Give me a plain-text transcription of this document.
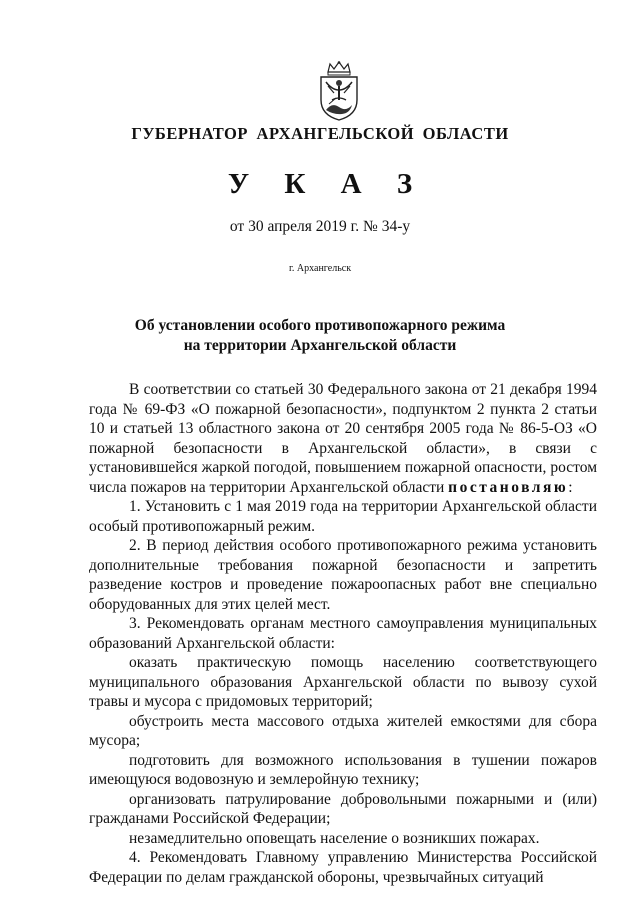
ГУБЕРНАТОР АРХАНГЕЛЬСКОЙ ОБЛАСТИ
У К А З
от 30 апреля 2019 г. № 34-у
г. Архангельск
Об установлении особого противопожарного режима
на территории Архангельской области

В соответствии со статьей 30 Федерального закона от 21 декабря 1994 года № 69-ФЗ «О пожарной безопасности», подпунктом 2 пункта 2 статьи 10 и статьей 13 областного закона от 20 сентября 2005 года № 86-5-ОЗ «О пожарной безопасности в Архангельской области», в связи с установившейся жаркой погодой, повышением пожарной опасности, ростом числа пожаров на территории Архангельской области постановляю:

1. Установить с 1 мая 2019 года на территории Архангельской области особый противопожарный режим.

2. В период действия особого противопожарного режима установить дополнительные требования пожарной безопасности и запретить разведение костров и проведение пожароопасных работ вне специально оборудованных для этих целей мест.

3. Рекомендовать органам местного самоуправления муниципальных образований Архангельской области:

оказать практическую помощь населению соответствующего муниципального образования Архангельской области по вывозу сухой травы и мусора с придомовых территорий;

обустроить места массового отдыха жителей емкостями для сбора мусора;

подготовить для возможного использования в тушении пожаров имеющуюся водовозную и землеройную технику;

организовать патрулирование добровольными пожарными и (или) гражданами Российской Федерации;

незамедлительно оповещать население о возникших пожарах.

4. Рекомендовать Главному управлению Министерства Российской Федерации по делам гражданской обороны, чрезвычайных ситуаций
